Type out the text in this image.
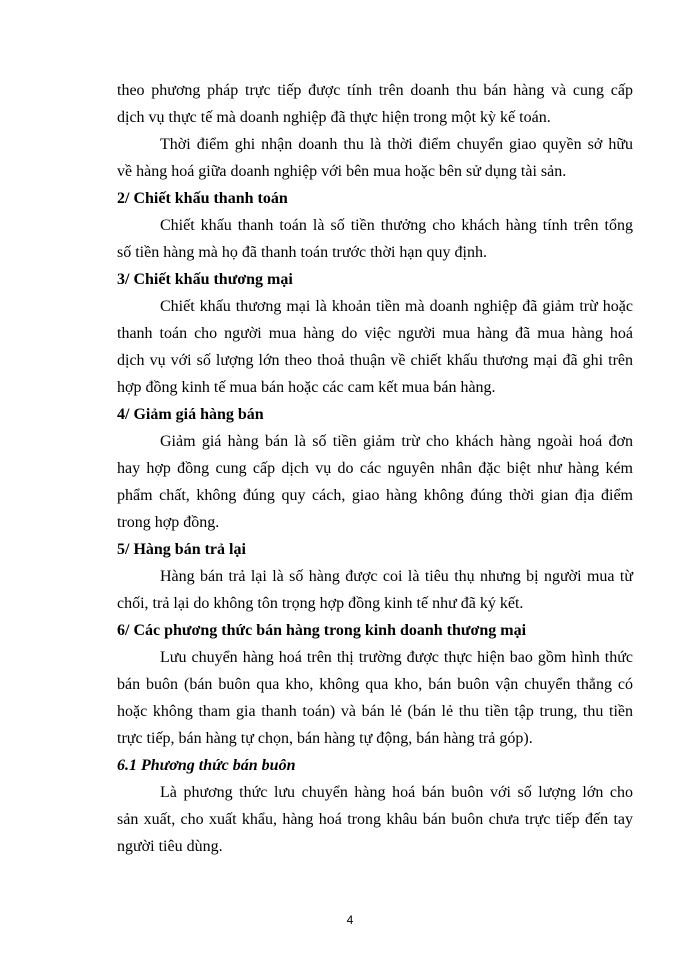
theo phương pháp trực tiếp được tính trên doanh thu bán hàng và cung cấp
dịch vụ thực tế mà doanh nghiệp đã thực hiện trong một kỳ kế toán.
Thời điểm ghi nhận doanh thu là thời điểm chuyển giao quyền sở hữu
về hàng hoá giữa doanh nghiệp với bên mua hoặc bên sử dụng tài sản.
2/ Chiết khấu thanh toán
Chiết khấu thanh toán là số tiền thưởng cho khách hàng tính trên tổng
số tiền hàng mà họ đã thanh toán trước thời hạn quy định.
3/ Chiết khấu thương mại
Chiết khấu thương mại là khoản tiền mà doanh nghiệp đã giảm trừ hoặc
thanh toán cho người mua hàng do việc người mua hàng đã mua hàng hoá
dịch vụ với số lượng lớn theo thoả thuận về chiết khấu thương mại đã ghi trên
hợp đồng kinh tế mua bán hoặc các cam kết mua bán hàng.
4/ Giảm giá hàng bán
Giảm giá hàng bán là số tiền giảm trừ cho khách hàng ngoài hoá đơn
hay hợp đồng cung cấp dịch vụ do các nguyên nhân đặc biệt như hàng kém
phẩm chất, không đúng quy cách, giao hàng không đúng thời gian địa điểm
trong hợp đồng.
5/ Hàng bán trả lại
Hàng bán trả lại là số hàng được coi là tiêu thụ nhưng bị người mua từ
chối, trả lại do không tôn trọng hợp đồng kinh tế như đã ký kết.
6/ Các phương thức bán hàng trong kinh doanh thương mại
Lưu chuyển hàng hoá trên thị trường được thực hiện bao gồm hình thức
bán buôn (bán buôn qua kho, không qua kho, bán buôn vận chuyển thẳng có
hoặc không tham gia thanh toán) và bán lẻ (bán lẻ thu tiền tập trung, thu tiền
trực tiếp, bán hàng tự chọn, bán hàng tự động, bán hàng trả góp).
6.1 Phương thức bán buôn
Là phương thức lưu chuyển hàng hoá bán buôn với số lượng lớn cho
sản xuất, cho xuất khẩu, hàng hoá trong khâu bán buôn chưa trực tiếp đến tay
người tiêu dùng.
4
